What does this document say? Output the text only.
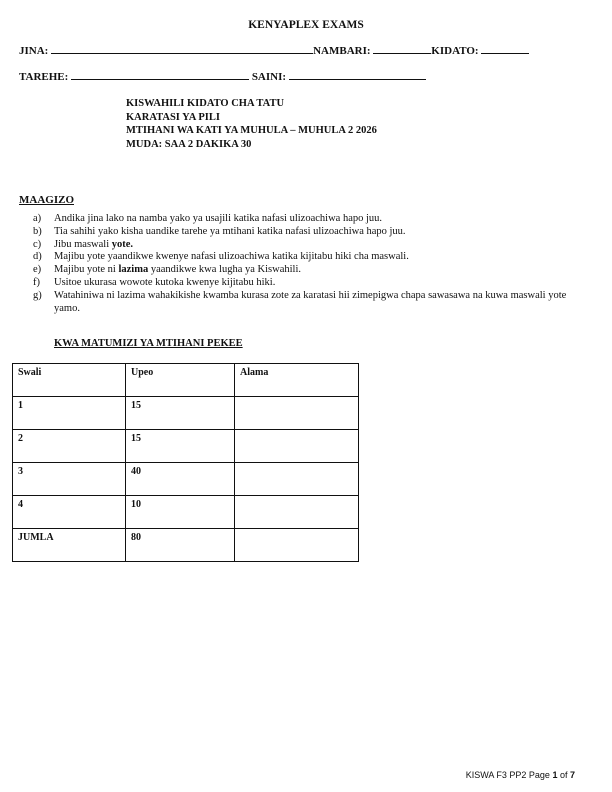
KENYAPLEX EXAMS
JINA:	NAMBARI:	KIDATO:
TAREHE:	SAINI:
KISWAHILI KIDATO CHA TATU
KARATASI YA PILI
MTIHANI WA KATI YA MUHULA – MUHULA 2 2026
MUDA: SAA 2 DAKIKA 30
MAAGIZO
a) Andika jina lako na namba yako ya usajili katika nafasi ulizoachiwa hapo juu.
b) Tia sahihi yako kisha uandike tarehe ya mtihani katika nafasi ulizoachiwa hapo juu.
c) Jibu maswali yote.
d) Majibu yote yaandikwe kwenye nafasi ulizoachiwa katika kijitabu hiki cha maswali.
e) Majibu yote ni lazima yaandikwe kwa lugha ya Kiswahili.
f) Usitoe ukurasa wowote kutoka kwenye kijitabu hiki.
g) Watahiniwa ni lazima wahakikishe kwamba kurasa zote za karatasi hii zimepigwa chapa sawasawa na kuwa maswali yote yamo.
KWA MATUMIZI YA MTIHANI PEKEE
Swali	Upeo	Alama
1	15	
2	15	
3	40	
4	10	
JUMLA	80	
KISWA F3 PP2 Page 1 of 7
